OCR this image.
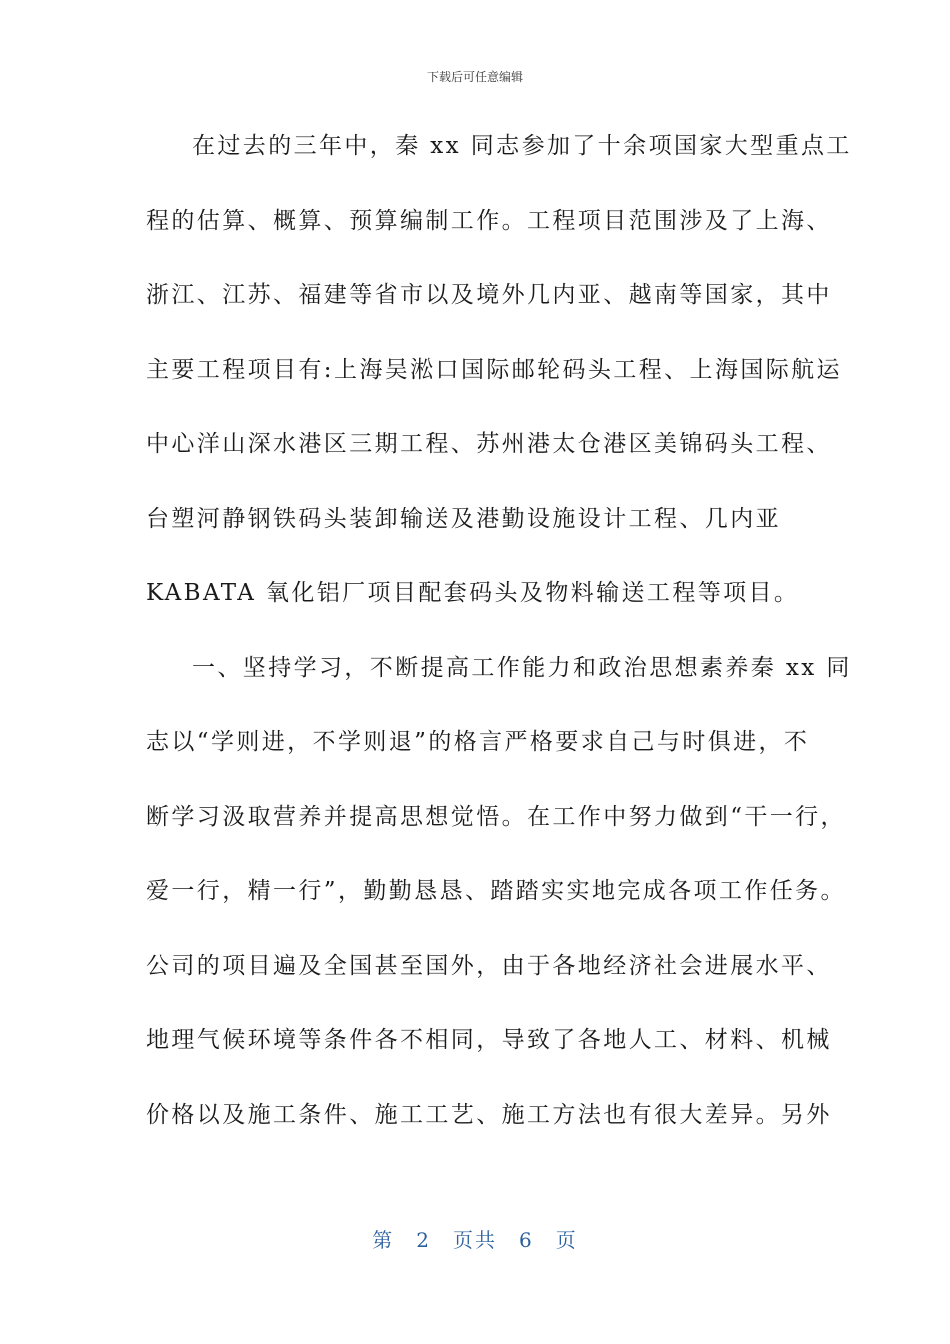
下载后可任意编辑
在过去的三年中，秦 xx 同志参加了十余项国家大型重点工
程的估算、概算、预算编制工作。工程项目范围涉及了上海、
浙江、江苏、福建等省市以及境外几内亚、越南等国家，其中
主要工程项目有:上海吴淞口国际邮轮码头工程、上海国际航运
中心洋山深水港区三期工程、苏州港太仓港区美锦码头工程、
台塑河静钢铁码头装卸输送及港勤设施设计工程、几内亚
KABATA 氧化铝厂项目配套码头及物料输送工程等项目。
一、坚持学习，不断提高工作能力和政治思想素养秦 xx 同
志以“学则进，不学则退”的格言严格要求自己与时俱进，不
断学习汲取营养并提高思想觉悟。在工作中努力做到“干一行，
爱一行，精一行”，勤勤恳恳、踏踏实实地完成各项工作任务。
公司的项目遍及全国甚至国外，由于各地经济社会进展水平、
地理气候环境等条件各不相同，导致了各地人工、材料、机械
价格以及施工条件、施工工艺、施工方法也有很大差异。另外
第 2 页共 6 页
